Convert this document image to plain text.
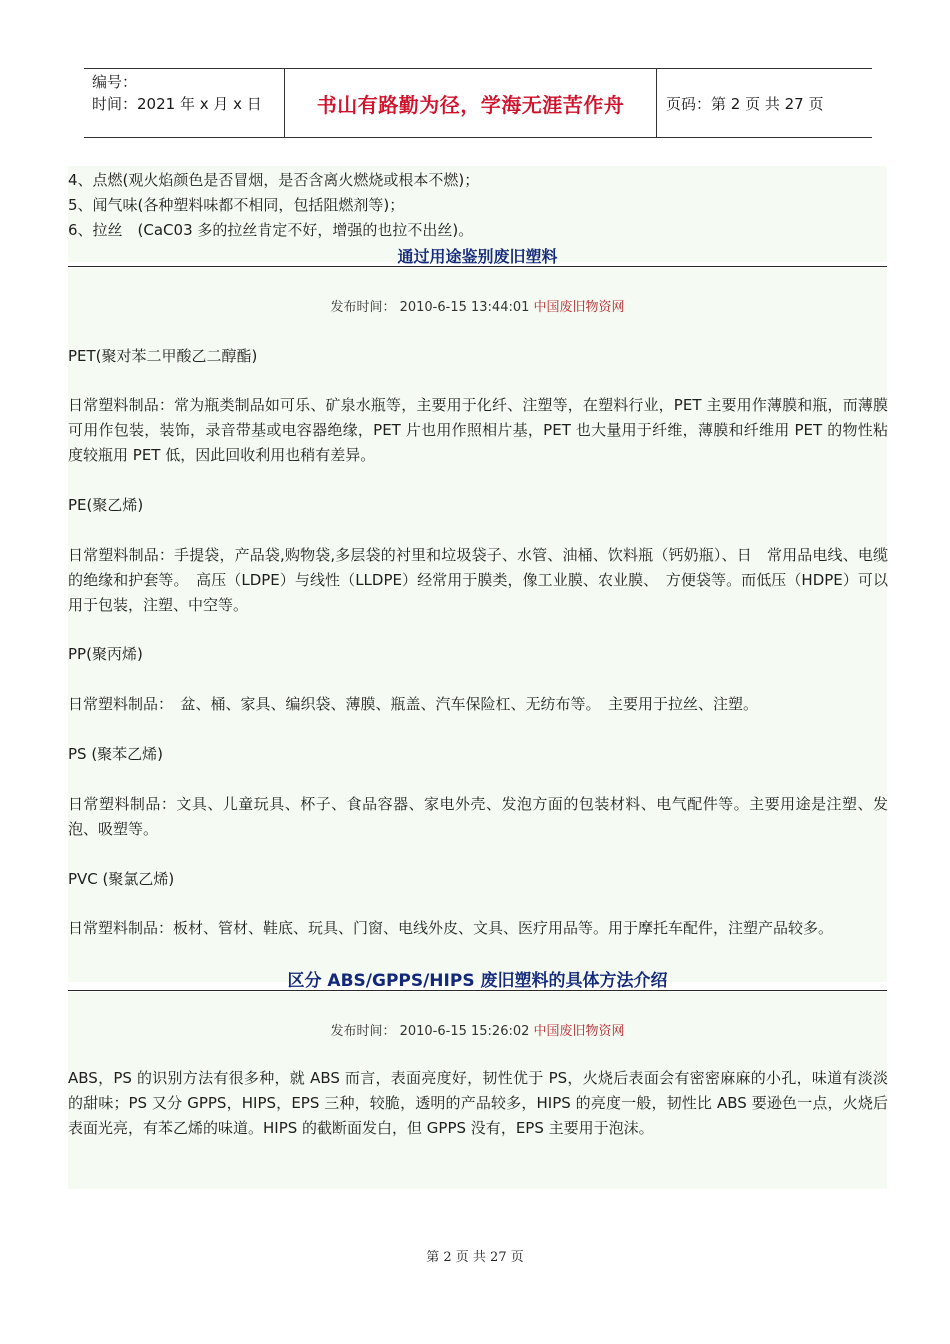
编号：
时间：2021 年 x 月 x 日	书山有路勤为径，学海无涯苦作舟	页码：第 2 页 共 27 页

4、点燃(观火焰颜色是否冒烟，是否含离火燃烧或根本不燃)；

5、闻气味(各种塑料味都不相同，包括阻燃剂等)；

6、拉丝　(CaC03 多的拉丝肯定不好，增强的也拉不出丝)。

通过用途鉴别废旧塑料
发布时间： 2010-6-15 13:44:01 中国废旧物资网

PET(聚对苯二甲酸乙二醇酯)

日常塑料制品：常为瓶类制品如可乐、矿泉水瓶等，主要用于化纤、注塑等，在塑料行业，PET 主要用作薄膜和瓶，而薄膜可用作包装，装饰，录音带基或电容器绝缘，PET 片也用作照相片基，PET 也大量用于纤维，薄膜和纤维用 PET 的物性粘度较瓶用 PET 低，因此回收利用也稍有差异。

PE(聚乙烯)

日常塑料制品：手提袋，产品袋,购物袋,多层袋的衬里和垃圾袋子、水管、油桶、饮料瓶（钙奶瓶）、日　常用品电线、电缆的绝缘和护套等。　高压（LDPE）与线性（LLDPE）经常用于膜类，像工业膜、农业膜、　方便袋等。而低压（HDPE）可以用于包装，注塑、中空等。

PP(聚丙烯)

日常塑料制品：　盆、桶、家具、编织袋、薄膜、瓶盖、汽车保险杠、无纺布等。　主要用于拉丝、注塑。

PS (聚苯乙烯)

日常塑料制品：文具、儿童玩具、杯子、食品容器、家电外壳、发泡方面的包装材料、电气配件等。主要用途是注塑、发泡、吸塑等。

PVC (聚氯乙烯)

日常塑料制品：板材、管材、鞋底、玩具、门窗、电线外皮、文具、医疗用品等。用于摩托车配件，注塑产品较多。

区分 ABS/GPPS/HIPS 废旧塑料的具体方法介绍
发布时间： 2010-6-15 15:26:02 中国废旧物资网

ABS，PS 的识别方法有很多种，就 ABS 而言，表面亮度好，韧性优于 PS，火烧后表面会有密密麻麻的小孔，味道有淡淡的甜味；PS 又分 GPPS，HIPS，EPS 三种，较脆，透明的产品较多，HIPS 的亮度一般，韧性比 ABS 要逊色一点，火烧后表面光亮，有苯乙烯的味道。HIPS 的截断面发白，但 GPPS 没有，EPS 主要用于泡沫。

第 2 页 共 27 页
